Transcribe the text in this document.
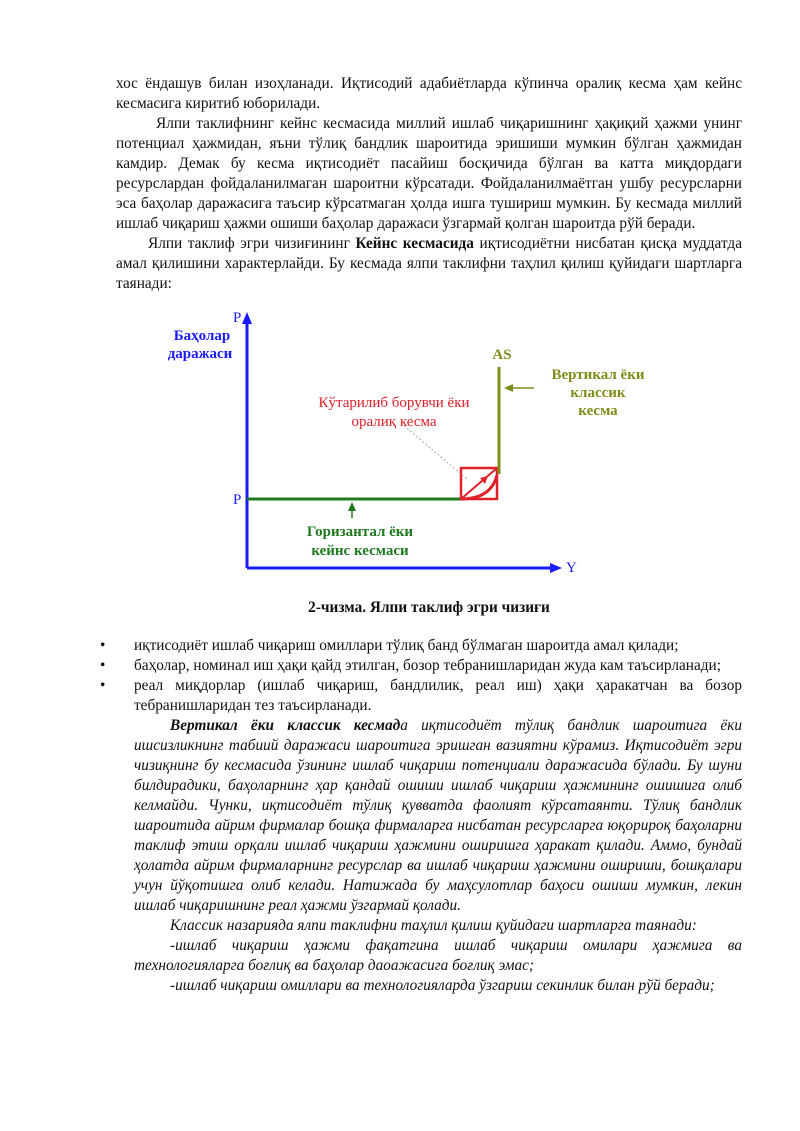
хос ёндашув билан изоҳланади. Иқтисодий адабиётларда кўпинча оралиқ кесма ҳам кейнс кесмасига киритиб юборилади.

Ялпи таклифнинг кейнс кесмасида миллий ишлаб чиқаришнинг ҳақиқий ҳажми унинг потенциал ҳажмидан, яъни тўлиқ бандлик шароитида эришиши мумкин бўлган ҳажмидан камдир. Демак бу кесма иқтисодиёт пасайиш босқичида бўлган ва катта миқдордаги ресурслардан фойдаланилмаган шароитни кўрсатади. Фойдаланилмаётган ушбу ресурсларни эса баҳолар даражасига таъсир кўрсатмаган ҳолда ишга тушириш мумкин. Бу кесмада миллий ишлаб чиқариш ҳажми ошиши баҳолар даражаси ўзгармай қолган шароитда рўй беради.

Ялпи таклиф эгри чизиғининг Кейнс кесмасида иқтисодиётни нисбатан қисқа муддатда амал қилишини характерлайди. Бу кесмада ялпи таклифни таҳлил қилиш қуйидаги шартларга таянади:

P
P
Y
Баҳолар
даражаси	AS
Вертикал ёки
классик
кесма
Кўтарилиб борувчи ёки
оралиқ кесма
Горизантал ёки
кейнс кесмаси

2-чизма. Ялпи таклиф эгри чизиғи

• иқтисодиёт ишлаб чиқариш омиллари тўлиқ банд бўлмаган шароитда амал қилади;
• баҳолар, номинал иш ҳақи қайд этилган, бозор тебранишларидан жуда кам таъсирланади;
• реал миқдорлар (ишлаб чиқариш, бандлилик, реал иш) ҳақи ҳаракатчан ва бозор тебранишларидан тез таъсирланади.

Вертикал ёки классик кесмада иқтисодиёт тўлиқ бандлик шароитига ёки ишсизликнинг табиий даражаси шароитига эришган вазиятни кўрамиз. Иқтисодиёт эгри чизиқнинг бу кесмасида ўзининг ишлаб чиқариш потенциали даражасида бўлади. Бу шуни билдирадики, баҳоларнинг ҳар қандай ошиши ишлаб чиқариш ҳажмининг ошишига олиб келмайди. Чунки, иқтисодиёт тўлиқ қувватда фаолият кўрсатаянти. Тўлиқ бандлик шароитида айрим фирмалар бошқа фирмаларга нисбатан ресурсларга юқорироқ баҳоларни таклиф этиш орқали ишлаб чиқариш ҳажмини оширишга ҳаракат қилади. Аммо, бундай ҳолатда айрим фирмаларнинг ресурслар ва ишлаб чиқариш ҳажмини ошириши, бошқалари учун йўқотишга олиб келади. Натижада бу маҳсулотлар баҳоси ошиши мумкин, лекин ишлаб чиқаришнинг реал ҳажми ўзгармай қолади.

Классик назарияда ялпи таклифни таҳлил қилиш қуйидаги шартларга таянади:

-ишлаб чиқариш ҳажми фақатгина ишлаб чиқариш омилари ҳажмига ва технологияларга боғлиқ ва баҳолар даоажасига боғлиқ эмас;

-ишлаб чиқариш омиллари ва технологияларда ўзгариш секинлик билан рўй беради;
